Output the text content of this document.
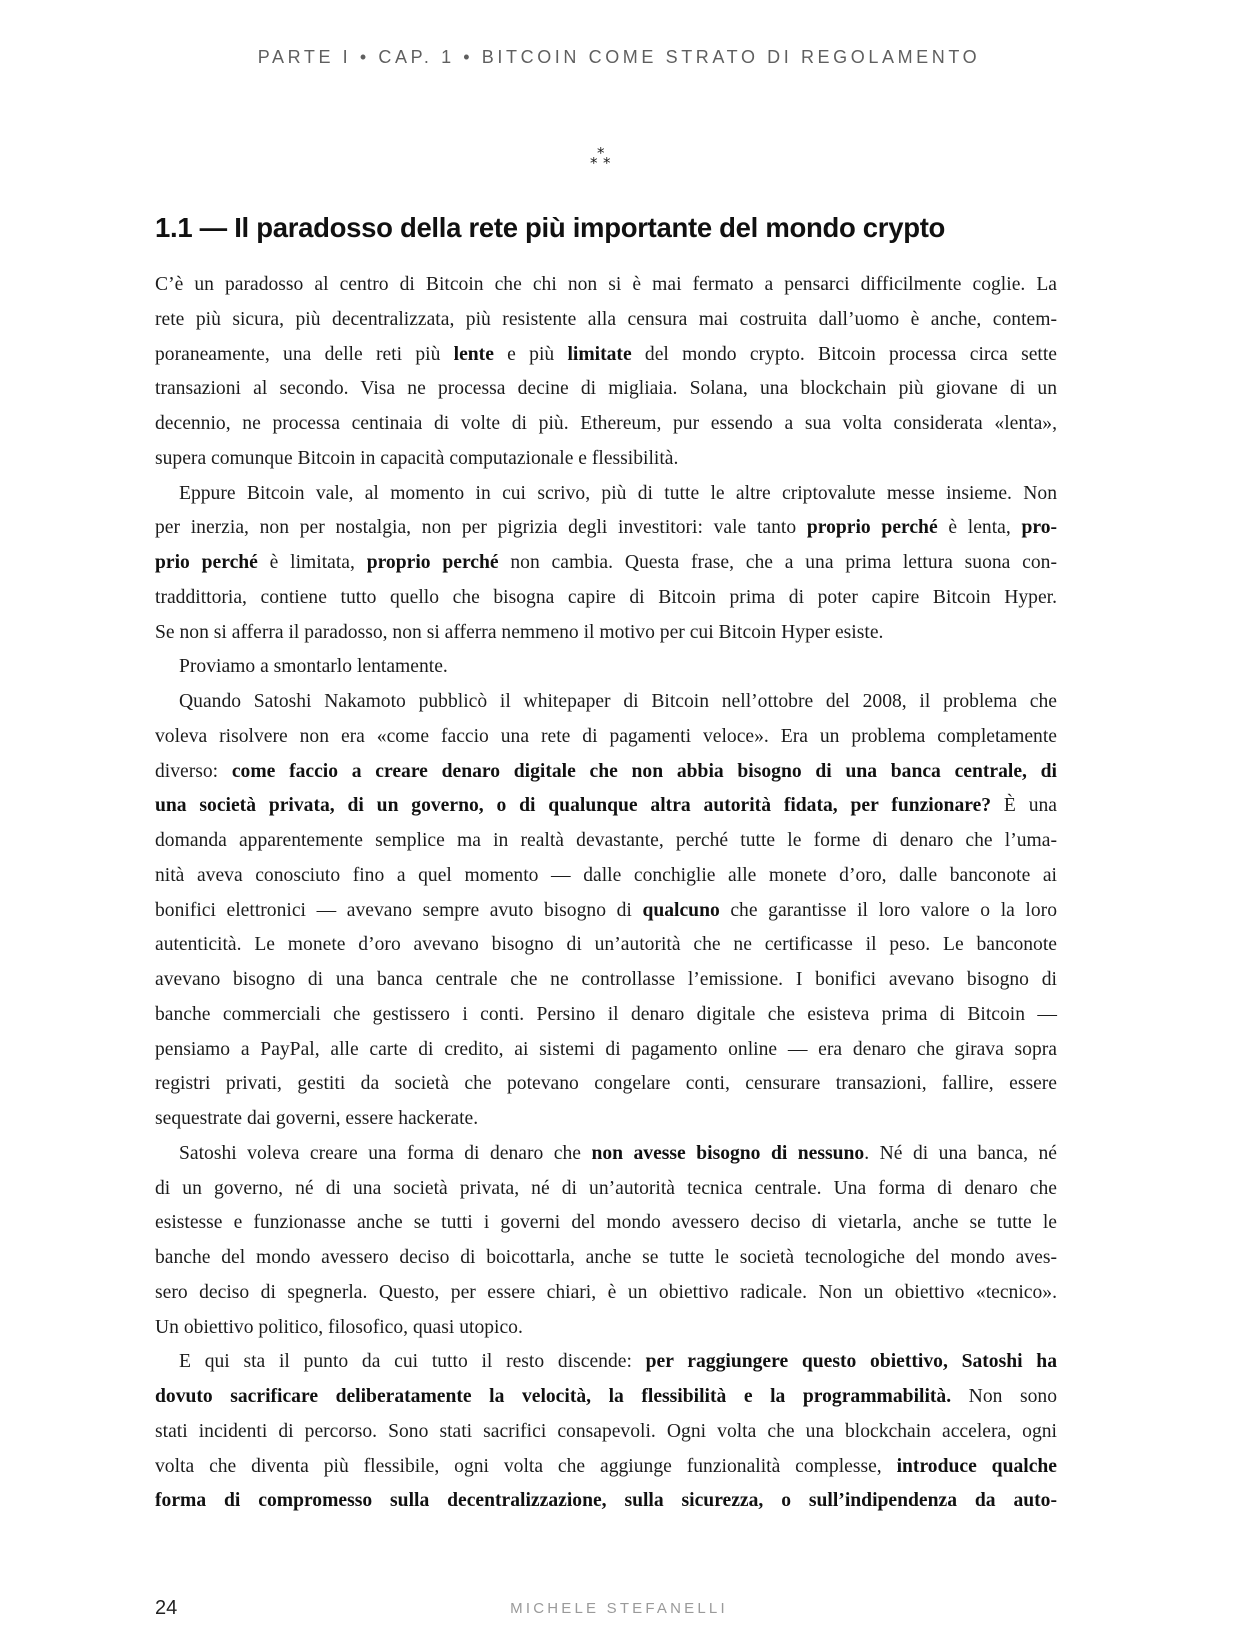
PARTE I • CAP. 1 • BITCOIN COME STRATO DI REGOLAMENTO
*
* *
1.1 — Il paradosso della rete più importante del mondo crypto
C’è un paradosso al centro di Bitcoin che chi non si è mai fermato a pensarci difficilmente coglie. La
rete più sicura, più decentralizzata, più resistente alla censura mai costruita dall’uomo è anche, contem-
poraneamente, una delle reti più lente e più limitate del mondo crypto. Bitcoin processa circa sette
transazioni al secondo. Visa ne processa decine di migliaia. Solana, una blockchain più giovane di un
decennio, ne processa centinaia di volte di più. Ethereum, pur essendo a sua volta considerata «lenta»,
supera comunque Bitcoin in capacità computazionale e flessibilità.
Eppure Bitcoin vale, al momento in cui scrivo, più di tutte le altre criptovalute messe insieme. Non
per inerzia, non per nostalgia, non per pigrizia degli investitori: vale tanto proprio perché è lenta, pro-
prio perché è limitata, proprio perché non cambia. Questa frase, che a una prima lettura suona con-
traddittoria, contiene tutto quello che bisogna capire di Bitcoin prima di poter capire Bitcoin Hyper.
Se non si afferra il paradosso, non si afferra nemmeno il motivo per cui Bitcoin Hyper esiste.
Proviamo a smontarlo lentamente.
Quando Satoshi Nakamoto pubblicò il whitepaper di Bitcoin nell’ottobre del 2008, il problema che
voleva risolvere non era «come faccio una rete di pagamenti veloce». Era un problema completamente
diverso: come faccio a creare denaro digitale che non abbia bisogno di una banca centrale, di
una società privata, di un governo, o di qualunque altra autorità fidata, per funzionare? È una
domanda apparentemente semplice ma in realtà devastante, perché tutte le forme di denaro che l’uma-
nità aveva conosciuto fino a quel momento — dalle conchiglie alle monete d’oro, dalle banconote ai
bonifici elettronici — avevano sempre avuto bisogno di qualcuno che garantisse il loro valore o la loro
autenticità. Le monete d’oro avevano bisogno di un’autorità che ne certificasse il peso. Le banconote
avevano bisogno di una banca centrale che ne controllasse l’emissione. I bonifici avevano bisogno di
banche commerciali che gestissero i conti. Persino il denaro digitale che esisteva prima di Bitcoin —
pensiamo a PayPal, alle carte di credito, ai sistemi di pagamento online — era denaro che girava sopra
registri privati, gestiti da società che potevano congelare conti, censurare transazioni, fallire, essere
sequestrate dai governi, essere hackerate.
Satoshi voleva creare una forma di denaro che non avesse bisogno di nessuno. Né di una banca, né
di un governo, né di una società privata, né di un’autorità tecnica centrale. Una forma di denaro che
esistesse e funzionasse anche se tutti i governi del mondo avessero deciso di vietarla, anche se tutte le
banche del mondo avessero deciso di boicottarla, anche se tutte le società tecnologiche del mondo aves-
sero deciso di spegnerla. Questo, per essere chiari, è un obiettivo radicale. Non un obiettivo «tecnico».
Un obiettivo politico, filosofico, quasi utopico.
E qui sta il punto da cui tutto il resto discende: per raggiungere questo obiettivo, Satoshi ha
dovuto sacrificare deliberatamente la velocità, la flessibilità e la programmabilità. Non sono
stati incidenti di percorso. Sono stati sacrifici consapevoli. Ogni volta che una blockchain accelera, ogni
volta che diventa più flessibile, ogni volta che aggiunge funzionalità complesse, introduce qualche
forma di compromesso sulla decentralizzazione, sulla sicurezza, o sull’indipendenza da auto-
24	MICHELE STEFANELLI
